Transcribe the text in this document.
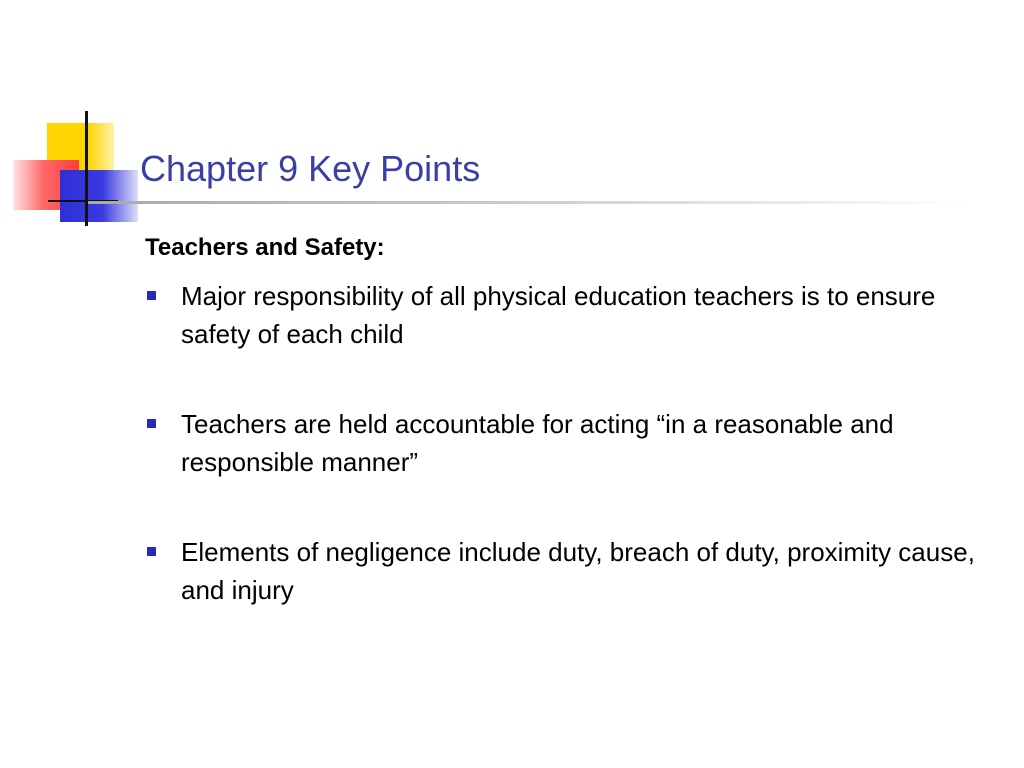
Chapter 9 Key Points

Teachers and Safety:

Major responsibility of all physical education teachers is to ensure safety of each child
Teachers are held accountable for acting “in a reasonable and responsible manner”
Elements of negligence include duty, breach of duty, proximity cause, and injury
